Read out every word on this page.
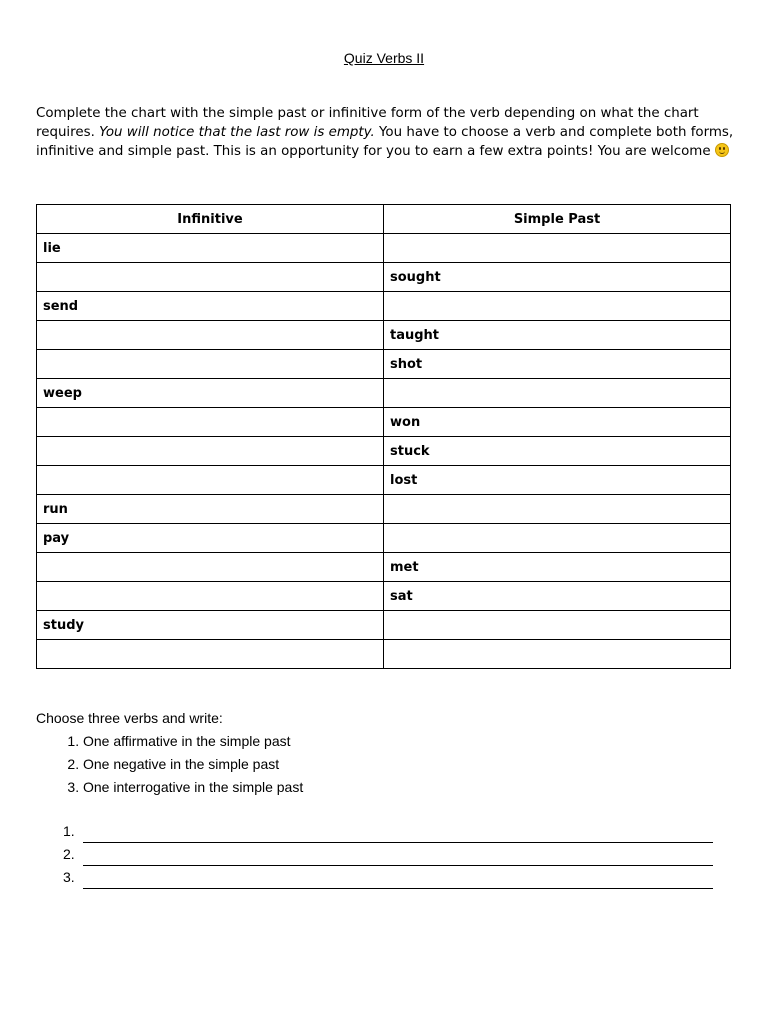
Quiz Verbs II
Complete the chart with the simple past or infinitive form of the verb depending on what the chart requires. You will notice that the last row is empty. You have to choose a verb and complete both forms, infinitive and simple past. This is an opportunity for you to earn a few extra points! You are welcome
Infinitive	Simple Past
lie	
	sought
send	
	taught
	shot
weep	
	won
	stuck
	lost
run	
pay	
	met
	sat
study	

Choose three verbs and write:
1. One affirmative in the simple past
2. One negative in the simple past
3. One interrogative in the simple past
1.
2.
3.
